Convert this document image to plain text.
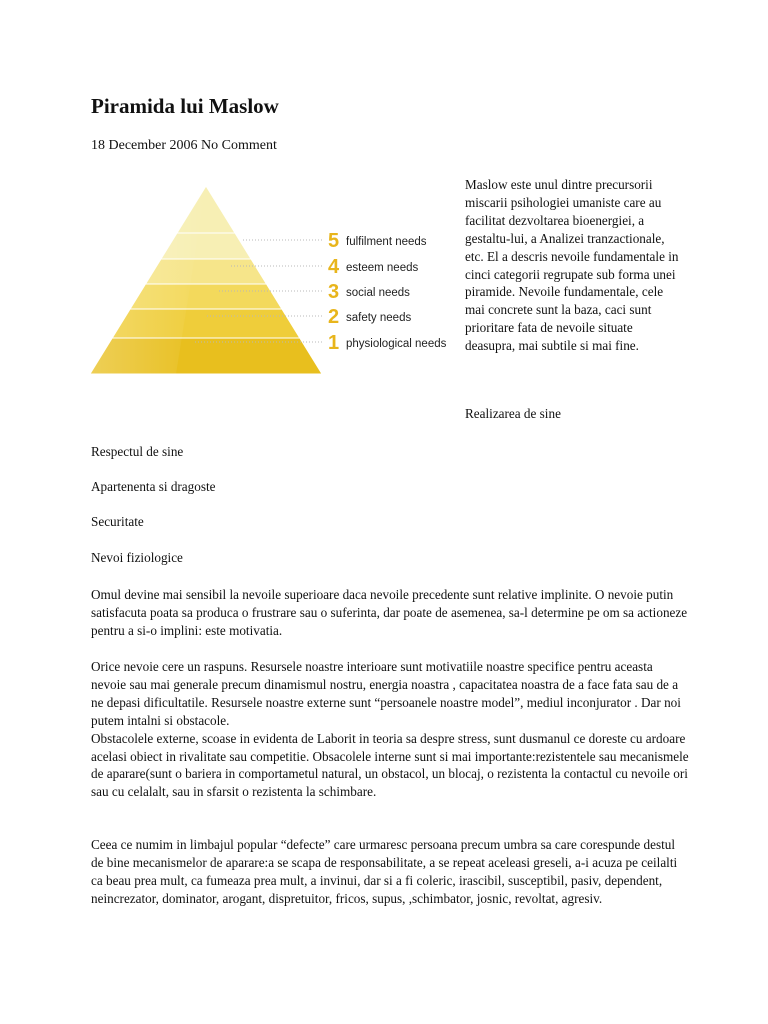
Piramida lui Maslow
18 December 2006 No Comment
5 fulfilment needs
4 esteem needs
3 social needs
2 safety needs
1 physiological needs
Maslow este unul dintre precursorii miscarii psihologiei umaniste care au facilitat dezvoltarea bioenergiei, a gestaltu-lui, a Analizei tranzactionale, etc. El a descris nevoile fundamentale in cinci categorii regrupate sub forma unei piramide. Nevoile fundamentale, cele mai concrete sunt la baza, caci sunt prioritare fata de nevoile situate deasupra, mai subtile si mai fine.
Realizarea de sine
Respectul de sine
Apartenenta si dragoste
Securitate
Nevoi fiziologice

Omul devine mai sensibil la nevoile superioare daca nevoile precedente sunt relative implinite. O nevoie putin satisfacuta poata sa produca o frustrare sau o suferinta, dar poate de asemenea, sa-l determine pe om sa actioneze pentru a si-o implini: este motivatia.

Orice nevoie cere un raspuns. Resursele noastre interioare sunt motivatiile noastre specifice pentru aceasta nevoie sau mai generale precum dinamismul nostru, energia noastra , capacitatea noastra de a face fata sau de a ne depasi dificultatile. Resursele noastre externe sunt “persoanele noastre model”, mediul inconjurator . Dar noi putem intalni si obstacole.

Obstacolele externe, scoase in evidenta de Laborit in teoria sa despre stress, sunt dusmanul ce doreste cu ardoare acelasi obiect in rivalitate sau competitie. Obsacolele interne sunt si mai importante:rezistentele sau mecanismele de aparare(sunt o bariera in comportametul natural, un obstacol, un blocaj, o rezistenta la contactul cu nevoile ori sau cu celalalt, sau in sfarsit o rezistenta la schimbare.

Ceea ce numim in limbajul popular “defecte” care urmaresc persoana precum umbra sa care corespunde destul de bine mecanismelor de aparare:a se scapa de responsabilitate, a se repeat aceleasi greseli, a-i acuza pe ceilalti ca beau prea mult, ca fumeaza prea mult, a invinui, dar si a fi coleric, irascibil, susceptibil, pasiv, dependent, neincrezator, dominator, arogant, dispretuitor, fricos, supus, ,schimbator, josnic, revoltat, agresiv.
